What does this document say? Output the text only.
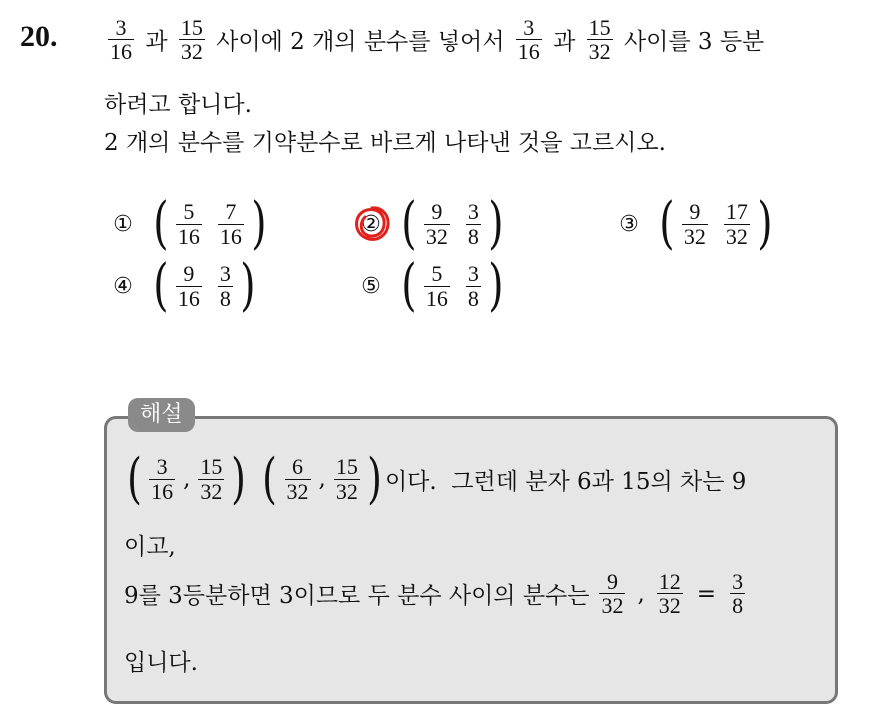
20. $\frac{3}{16}$ 과 $\frac{15}{32}$ 사이에 2 개의 분수를 넣어서 $\frac{3}{16}$ 과 $\frac{15}{32}$ 사이를 3 등분
하려고 합니다.
2 개의 분수를 기약분수로 바르게 나타낸 것을 고르시오.
① ( $\frac{5}{16} \frac{7}{16}$ )	② ( $\frac{9}{32} \frac{3}{8}$ )	③ ( $\frac{9}{32} \frac{17}{32}$ )
④ ( $\frac{9}{16} \frac{3}{8}$ )	⑤ ( $\frac{5}{16} \frac{3}{8}$ )
해설
( $\frac{3}{16}$ , $\frac{15}{32}$ ) ( $\frac{6}{32}$ , $\frac{15}{32}$ ) 이다.  그런데 분자 6과 15의 차는 9
이고,
9를 3등분하면 3이므로 두 분수 사이의 분수는 $\frac{9}{32}$ , $\frac{12}{32} = \frac{3}{8}$
입니다.
